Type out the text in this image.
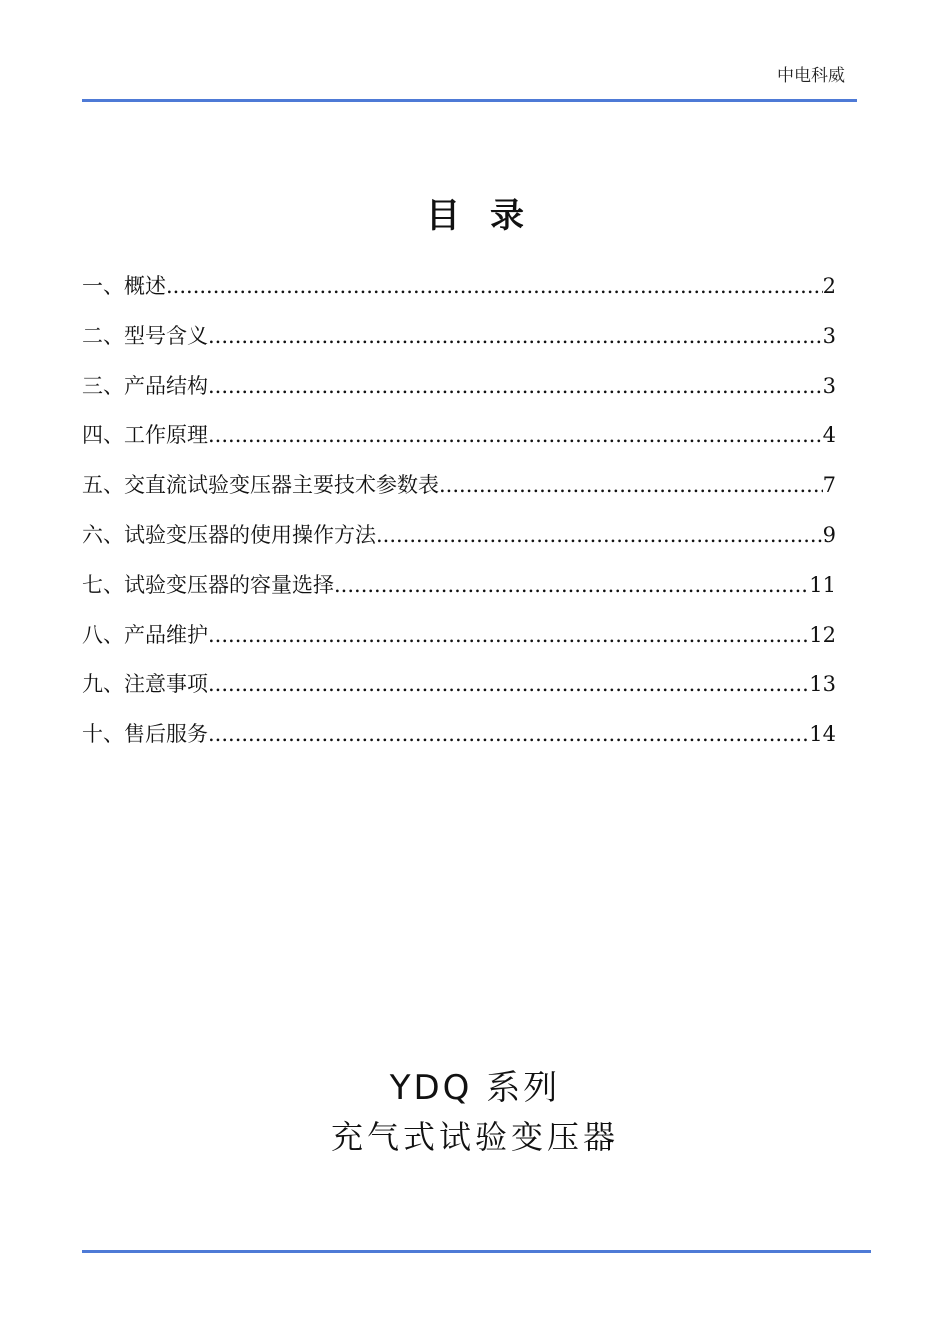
中电科威
目录
一、概述 .....	2
二、型号含义 .....	3
三、产品结构 .....	3
四、工作原理 .....	4
五、交直流试验变压器主要技术参数表 .....	7
六、试验变压器的使用操作方法 .....	9
七、试验变压器的容量选择 .....	11
八、产品维护 .....	12
九、注意事项 .....	13
十、售后服务 .....	14
YDQ 系列
充气式试验变压器
